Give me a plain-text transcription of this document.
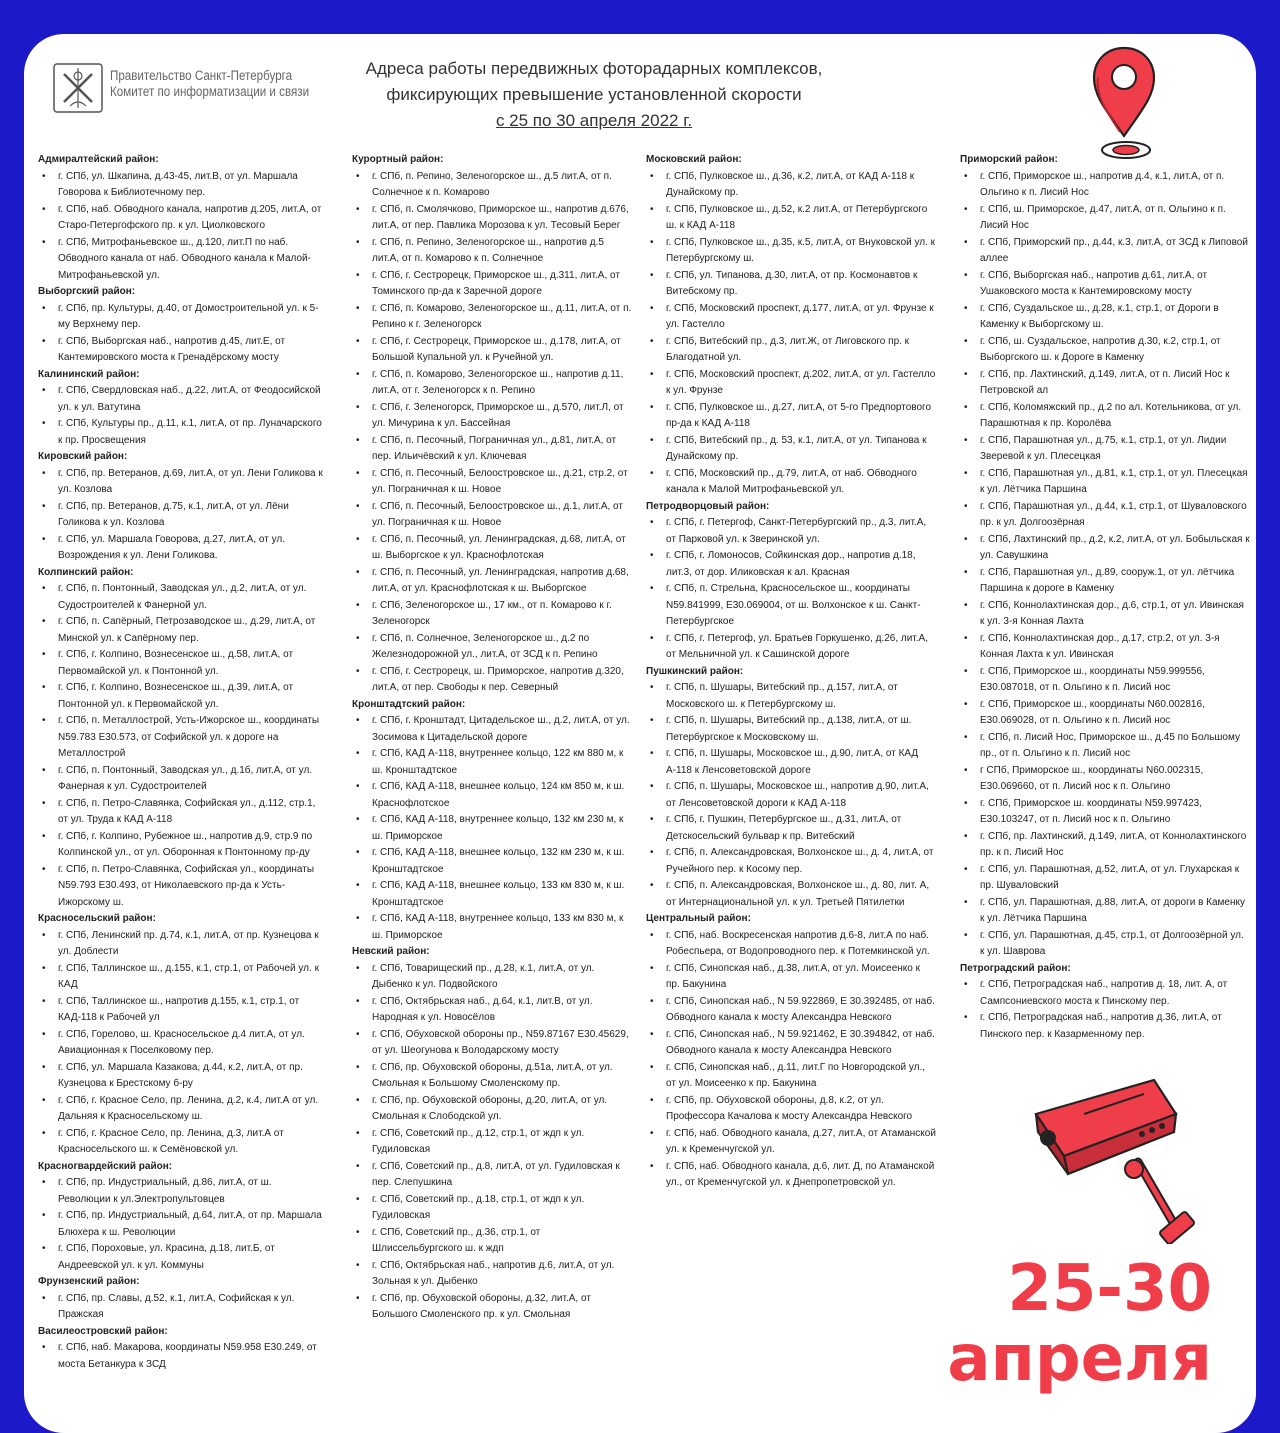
Правительство Санкт-Петербурга
Комитет по информатизации и связи
Адреса работы передвижных фоторадарных комплексов,
фиксирующих превышение установленной скорости
с 25 по 30 апреля 2022 г.
Адмиралтейский район:
• г. СПб, ул. Шкапина, д.43-45, лит.В, от ул. Маршала Говорова к Библиотечному пер.
• г. СПб, наб. Обводного канала, напротив д.205, лит.А, от Старо-Петергофского пр. к ул. Циолковского
• г. СПб, Митрофаньевское ш., д.120, лит.П по наб. Обводного канала от наб. Обводного канала к Малой-Митрофаньевской ул.
Выборгский район:
• г. СПб, пр. Культуры, д.40, от Домостроительной ул. к 5-му Верхнему пер.
• г. СПб, Выборгская наб., напротив д.45, лит.Е, от Кантемировского моста к Гренадёрскому мосту
Калининский район:
• г. СПб, Свердловская наб., д.22, лит.А, от Феодосийской ул. к ул. Ватутина
• г. СПб, Культуры пр., д.11, к.1, лит.А, от пр. Луначарского к пр. Просвещения
Кировский район:
• г. СПб, пр. Ветеранов, д.69, лит.А, от ул. Лени Голикова к ул. Козлова
• г. СПб, пр. Ветеранов, д.75, к.1, лит.А, от ул. Лёни Голикова к ул. Козлова
• г. СПб, ул. Маршала Говорова, д.27, лит.А, от ул. Возрождения к ул. Лени Голикова.
Колпинский район:
• г. СПб, п. Понтонный, Заводская ул., д.2, лит.А, от ул. Судостроителей к Фанерной ул.
• г. СПб, п. Сапёрный, Петрозаводское ш., д.29, лит.А, от Минской ул. к Сапёрному пер.
• г. СПб, г. Колпино, Вознесенское ш., д.58, лит.А, от Первомайской ул. к Понтонной ул.
• г. СПб, г. Колпино, Вознесенское ш., д.39, лит.А, от Понтонной ул. к Первомайской ул.
• г. СПб, п. Металлострой, Усть-Ижорское ш., координаты N59.783 E30.573, от Софийской ул. к дороге на Металлострой
• г. СПб, п. Понтонный, Заводская ул., д.1б, лит.А, от ул. Фанерная к ул. Судостроителей
• г. СПб, п. Петро-Славянка, Софийская ул., д.112, стр.1, от ул. Труда к КАД А-118
• г. СПб, г. Колпино, Рубежное ш., напротив д.9, стр.9 по Колпинской ул., от ул. Оборонная к Понтонному пр-ду
• г. СПб, п. Петро-Славянка, Софийская ул., координаты N59.793 E30.493, от Николаевского пр-да к Усть-Ижорскому ш.
Красносельский район:
• г. СПб, Ленинский пр. д.74, к.1, лит.А, от пр. Кузнецова к ул. Доблести
• г. СПб, Таллинское ш., д.155, к.1, стр.1, от Рабочей ул. к КАД
• г. СПб, Таллинское ш., напротив д.155, к.1, стр.1, от КАД-118 к Рабочей ул
• г. СПб, Горелово, ш. Красносельское д.4 лит.А, от ул. Авиационная к Поселковому пер.
• г. СПб, ул. Маршала Казакова, д.44, к.2, лит.А, от пр. Кузнецова к Брестскому б-ру
• г. СПб, г. Красное Село, пр. Ленина, д.2, к.4, лит.А от ул. Дальняя к Красносельскому ш.
• г. СПб, г. Красное Село, пр. Ленина, д.3, лит.А от Красносельского ш. к Семёновской ул.
Красногвардейский район:
• г. СПб, пр. Индустриальный, д.86, лит.А, от ш. Революции к ул.Электропультовцев
• г. СПб, пр. Индустриальный, д.64, лит.А, от пр. Маршала Блюхера к ш. Революции
• г. СПб, Пороховые, ул. Красина, д.18, лит.Б, от Андреевской ул. к ул. Коммуны
Фрунзенский район:
• г. СПб, пр. Славы, д.52, к.1, лит.А, Софийская к ул. Пражская
Василеостровский район:
• г. СПб, наб. Макарова, координаты N59.958 E30.249, от моста Бетанкура к ЗСД
Курортный район:
• г. СПб, п. Репино, Зеленогорское ш., д.5 лит.А, от п. Солнечное к п. Комарово
• г. СПб, п. Смолячково, Приморское ш., напротив д.676, лит.А, от пер. Павлика Морозова к ул. Тесовый Берег
• г. СПб, п. Репино, Зеленогорское ш., напротив д.5 лит.А, от п. Комарово к п. Солнечное
• г. СПб, г. Сестрорецк, Приморское ш., д.311, лит.А, от Томинского пр-да к Заречной дороге
• г. СПб, п. Комарово, Зеленогорское ш., д.11, лит.А, от п. Репино к г. Зеленогорск
• г. СПб, г. Сестрорецк, Приморское ш., д.178, лит.А, от Большой Купальной ул. к Ручейной ул.
• г. СПб, п. Комарово, Зеленогорское ш., напротив д.11, лит.А, от г. Зеленогорск к п. Репино
• г. СПб, г. Зеленогорск, Приморское ш., д.570, лит.Л, от ул. Мичурина к ул. Бассейная
• г. СПб, п. Песочный, Пограничная ул., д.81, лит.А, от пер. Ильичёвский к ул. Ключевая
• г. СПб, п. Песочный, Белоостровское ш., д.21, стр.2, от ул. Пограничная к ш. Новое
• г. СПб, п. Песочный, Белоостровское ш., д.1, лит.А, от ул. Пограничная к ш. Новое
• г. СПб, п. Песочный, ул. Ленинградская, д.68, лит.А, от ш. Выборгское к ул. Краснофлотская
• г. СПб, п. Песочный, ул. Ленинградская, напротив д.68, лит.А, от ул. Краснофлотская к ш. Выборгское
• г. СПб, Зеленогорское ш., 17 км., от п. Комарово к г. Зеленогорск
• г. СПб, п. Солнечное, Зеленогорское ш., д.2 по Железнодорожной ул., лит.А, от ЗСД к п. Репино
• г. СПб, г. Сестрорецк, ш. Приморское, напротив д.320, лит.А, от пер. Свободы к пер. Северный
Кронштадтский район:
• г. СПб, г. Кронштадт, Цитадельское ш., д.2, лит.А, от ул. Зосимова к Цитадельской дороге
• г. СПб, КАД А-118, внутреннее кольцо, 122 км 880 м, к ш. Кронштадтское
• г. СПб, КАД А-118, внешнее кольцо, 124 км 850 м, к ш. Краснофлотское
• г. СПб, КАД А-118, внутреннее кольцо, 132 км 230 м, к ш. Приморское
• г. СПб, КАД А-118, внешнее кольцо, 132 км 230 м, к ш. Кронштадтское
• г. СПб, КАД А-118, внешнее кольцо, 133 км 830 м, к ш. Кронштадтское
• г. СПб, КАД А-118, внутреннее кольцо, 133 км 830 м, к ш. Приморское
Невский район:
• г. СПб, Товарищеский пр., д.28, к.1, лит.А, от ул. Дыбенко к ул. Подвойского
• г. СПб, Октябрьская наб., д.64, к.1, лит.В, от ул. Народная к ул. Новосёлов
• г. СПб, Обуховской обороны пр., N59.87167 E30.45629, от ул. Шеогунова к Володарскому мосту
• г. СПб, пр. Обуховской обороны, д.51а, лит.А, от ул. Смольная к Большому Смоленскому пр.
• г. СПб, пр. Обуховской обороны, д.20, лит.А, от ул. Смольная к Слободской ул.
• г. СПб, Советский пр., д.12, стр.1, от ждп к ул. Гудиловская
• г. СПб, Советский пр., д.8, лит.А, от ул. Гудиловская к пер. Слепушкина
• г. СПб, Советский пр., д.18, стр.1, от ждп к ул. Гудиловская
• г. СПб, Советский пр., д.36, стр.1, от Шлиссельбургского ш. к ждп
• г. СПб, Октябрьская наб., напротив д.6, лит.А, от ул. Зольная к ул. Дыбенко
• г. СПб, пр. Обуховской обороны, д.32, лит.А, от Большого Смоленского пр. к ул. Смольная
Московский район:
• г. СПб, Пулковское ш., д.36, к.2, лит.А, от КАД А-118 к Дунайскому пр.
• г. СПб, Пулковское ш., д.52, к.2 лит.А, от Петербургского ш. к КАД А-118
• г. СПб, Пулковское ш., д.35, к.5, лит.А, от Внуковской ул. к Петербургскому ш.
• г. СПб, ул. Типанова, д.30, лит.А, от пр. Космонавтов к Витебскому пр.
• г. СПб, Московский проспект, д.177, лит.А, от ул. Фрунзе к ул. Гастелло
• г. СПб, Витебский пр., д.3, лит.Ж, от Лиговского пр. к Благодатной ул.
• г. СПб, Московский проспект, д.202, лит.А, от ул. Гастелло к ул. Фрунзе
• г. СПб, Пулковское ш., д.27, лит.А, от 5-го Предпортового пр-да к КАД А-118
• г. СПб, Витебский пр., д. 53, к.1, лит.А, от ул. Типанова к Дунайскому пр.
• г. СПб, Московский пр., д.79, лит.А, от наб. Обводного канала к Малой Митрофаньевской ул.
Петродворцовый район:
• г. СПб, г. Петергоф, Санкт-Петербургский пр., д.3, лит.А, от Парковой ул. к Зверинской ул.
• г. СПб, г. Ломоносов, Сойкинская дор., напротив д.18, лит.3, от дор. Иликовская к ал. Красная
• г. СПб, п. Стрельна, Красносельское ш., координаты N59.841999, E30.069004, от ш. Волхонское к ш. Санкт-Петербургское
• г. СПб, г. Петергоф, ул. Братьев Горкушенко, д.26, лит.А, от Мельничной ул. к Сашинской дороге
Пушкинский район:
• г. СПб, п. Шушары, Витебский пр., д.157, лит.А, от Московского ш. к Петербургскому ш.
• г. СПб, п. Шушары, Витебский пр., д.138, лит.А, от ш. Петербургское к Московскому ш.
• г. СПб, п. Шушары, Московское ш., д.90, лит.А, от КАД А-118 к Ленсоветовской дороге
• г. СПб, п. Шушары, Московское ш., напротив д.90, лит.А, от Ленсоветовской дороги к КАД А-118
• г. СПб, г. Пушкин, Петербургское ш., д.31, лит.А, от Детскосельский бульвар к пр. Витебский
• г. СПб, п. Александровская, Волхонское ш., д. 4, лит.А, от Ручейного пер. к Косому пер.
• г. СПб, п. Александровская, Волхонское ш., д. 80, лит. А, от Интернациональной ул. к ул. Третьей Пятилетки
Центральный район:
• г. СПб, наб. Воскресенская напротив д.6-8, лит.А по наб. Робеспьера, от Водопроводного пер. к Потемкинской ул.
• г. СПб, Синопская наб., д.38, лит.А, от ул. Моисеенко к пр. Бакунина
• г. СПб, Синопская наб., N 59.922869, E 30.392485, от наб. Обводного канала к мосту Александра Невского
• г. СПб, Синопская наб., N 59.921462, E 30.394842, от наб. Обводного канала к мосту Александра Невского
• г. СПб, Синопская наб., д.11, лит.Г по Новгородской ул., от ул. Моисеенко к пр. Бакунина
• г. СПб, пр. Обуховской обороны, д.8, к.2, от ул. Профессора Качалова к мосту Александра Невского
• г. СПб, наб. Обводного канала, д.27, лит.А, от Атаманской ул. к Кременчугской ул.
• г. СПб, наб. Обводного канала, д.6, лит. Д, по Атаманской ул., от Кременчугской ул. к Днепропетровской ул.
Приморский район:
• г. СПб, Приморское ш., напротив д.4, к.1, лит.А, от п. Ольгино к п. Лисий Нос
• г. СПб, ш. Приморское, д.47, лит.А, от п. Ольгино к п. Лисий Нос
• г. СПб, Приморский пр., д.44, к.3, лит.А, от ЗСД к Липовой аллее
• г. СПб, Выборгская наб., напротив д.61, лит.А, от Ушаковского моста к Кантемировскому мосту
• г. СПб, Суздальское ш., д.28, к.1, стр.1, от Дороги в Каменку к Выборгскому ш.
• г. СПб, ш. Суздальское, напротив д.30, к.2, стр.1, от Выборгского ш. к Дороге в Каменку
• г. СПб, пр. Лахтинский, д.149, лит.А, от п. Лисий Нос к Петровской ал
• г. СПб, Коломяжский пр., д.2 по ал. Котельникова, от ул. Парашютная к пр. Королёва
• г. СПб, Парашютная ул., д.75, к.1, стр.1, от ул. Лидии Зверевой к ул. Плесецкая
• г. СПб, Парашютная ул., д.81, к.1, стр.1, от ул. Плесецкая к ул. Лётчика Паршина
• г. СПб, Парашютная ул., д.44, к.1, стр.1, от Шуваловского пр. к ул. Долгоозёрная
• г. СПб, Лахтинский пр., д.2, к.2, лит.А, от ул. Бобыльская к ул. Савушкина
• г. СПб, Парашютная ул., д.89, сооруж.1, от ул. лётчика Паршина к дороге в Каменку
• г. СПб, Коннолахтинская дор., д.6, стр.1, от ул. Ивинская к ул. 3-я Конная Лахта
• г. СПб, Коннолахтинская дор., д.17, стр.2, от ул. 3-я Конная Лахта к ул. Ивинская
• г. СПб, Приморское ш., координаты N59.999556, E30.087018, от п. Ольгино к п. Лисий нос
• г. СПб, Приморское ш., координаты N60.002816, E30.069028, от п. Ольгино к п. Лисий нос
• г. СПб, п. Лисий Нос, Приморское ш., д.45 по Большому пр., от п. Ольгино к п. Лисий нос
• г СПб, Приморское ш., координаты N60.002315, E30.069660, от п. Лисий нос к п. Ольгино
• г. СПб, Приморское ш. координаты N59.997423, E30.103247, от п. Лисий нос к п. Ольгино
• г. СПб, пр. Лахтинский, д.149, лит.А, от Коннолахтинского пр. к п. Лисий Нос
• г. СПб, ул. Парашютная, д.52, лит.А, от ул. Глухарская к пр. Шуваловский
• г. СПб, ул. Парашютная, д.88, лит.А, от дороги в Каменку к ул. Лётчика Паршина
• г. СПб, ул. Парашютная, д.45, стр.1, от Долгоозёрной ул. к ул. Шаврова
Петроградский район:
• г. СПб, Петроградская наб., напротив д. 18, лит. А, от Сампсониевского моста к Пинскому пер.
• г. СПб, Петроградская наб., напротив д.36, лит.А, от Пинского пер. к Казарменному пер.
25-30
апреля
